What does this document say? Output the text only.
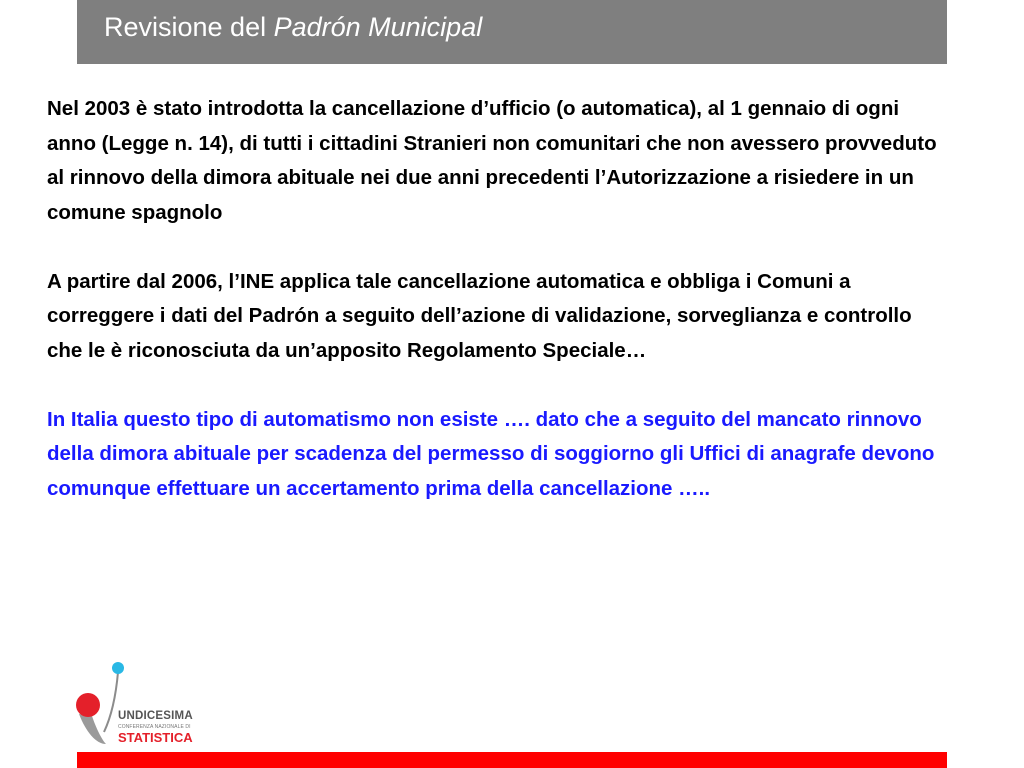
Revisione del Padrón Municipal

Nel 2003 è stato introdotta la cancellazione d’ufficio (o automatica), al 1 gennaio di ogni anno (Legge n. 14), di tutti i cittadini Stranieri non comunitari che non avessero provveduto al rinnovo della dimora abituale nei due anni precedenti l’Autorizzazione a risiedere in un comune spagnolo

A partire dal 2006, l’INE applica tale cancellazione automatica e obbliga i Comuni a correggere i dati del Padrón a seguito dell’azione di validazione, sorveglianza e controllo che le è riconosciuta da un’apposito Regolamento Speciale…

In Italia questo tipo di automatismo non esiste …. dato che a seguito del mancato rinnovo della dimora abituale per scadenza del permesso di soggiorno gli Uffici di anagrafe devono comunque effettuare un accertamento prima della cancellazione …..

UNDICESIMA
CONFERENZA NAZIONALE DI
STATISTICA
